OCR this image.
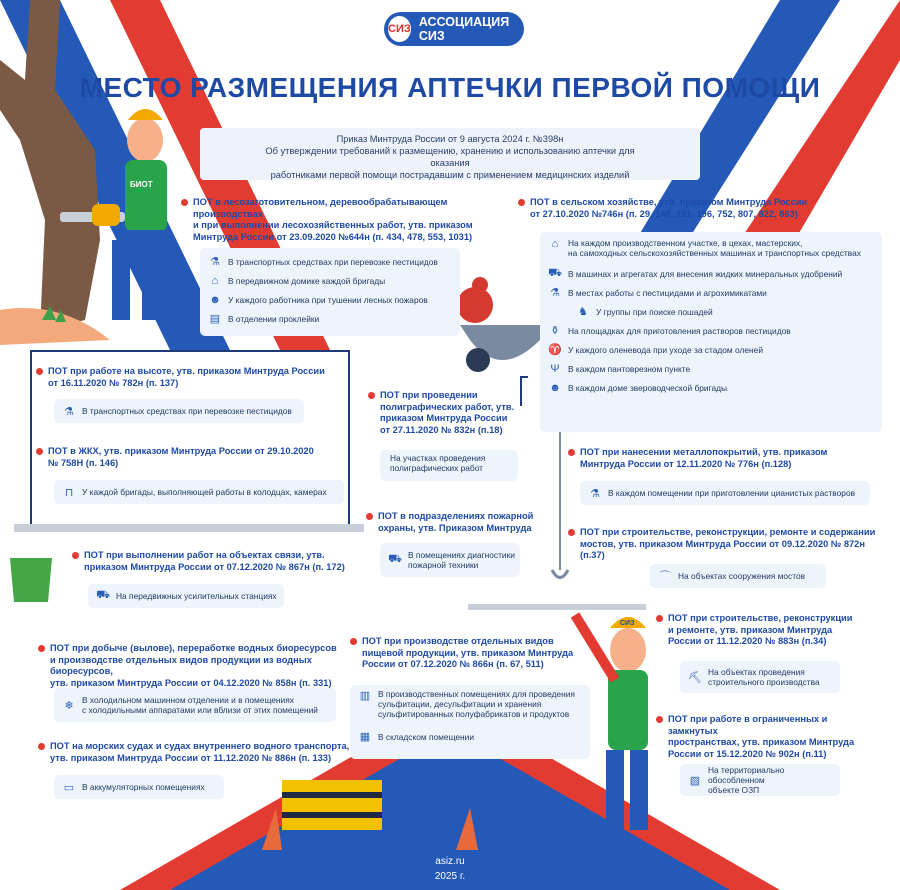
СИЗ АССОЦИАЦИЯ СИЗ
МЕСТО РАЗМЕЩЕНИЯ АПТЕЧКИ ПЕРВОЙ ПОМОЩИ
Приказ Минтруда России от 9 августа 2024 г. №398н
Об утверждении требований к размещению, хранению и использованию аптечки для оказания
работниками первой помощи пострадавшим с применением медицинских изделий
ПОТ в лесозаготовительном, деревообрабатывающем производствах
и при выполнении лесохозяйственных работ, утв. приказом
Минтруда России от 23.09.2020 №644н (п. 434, 478, 553, 1031)
⚗ В транспортных средствах при перевозке пестицидов
⌂	В передвижном домике каждой бригады
☻ У каждого работника при тушении лесных пожаров
▤ В отделении проклейки
ПОТ в сельском хозяйстве, утв. приказом Минтруда России
от 27.10.2020 №746н (п. 29, 148, 191, 196, 752, 807, 822, 863)
⌂	На каждом производственном участке, в цехах, мастерских,
на самоходных сельскохозяйственных машинах и транспортных средствах
⛟ В машинах и агрегатах для внесения жидких минеральных удобрений
⚗ В местах работы с пестицидами и агрохимикатами
♞ У группы при поиске пошадей
⚱ На площадках для приготовления растворов пестицидов
♈ У каждого оленевода при уходе за стадом оленей
Ψ В каждом пантоврезном пункте
☻ В каждом доме звероводческой бригады
ПОТ при работе на высоте, утв. приказом Минтруда России
от 16.11.2020 № 782н (п. 137)
⚗ В транспортных средствах при перевозке пестицидов
ПОТ при проведении
полиграфических работ, утв.
приказом Минтруда России
от 27.11.2020 № 832н (п.18)
На участках проведения
полиграфических работ
ПОТ в ЖКХ, утв. приказом Минтруда России от 29.10.2020
№ 758Н (п. 146)
⊓	У каждой бригады, выполняющей работы в колодцах, камерах
ПОТ при нанесении металлопокрытий, утв. приказом
Минтруда России от 12.11.2020 № 776н (п.128)
⚗ В каждом помещении при приготовлении цианистых растворов
ПОТ в подразделениях пожарной
охраны, утв. Приказом Минтруда
⛟ В помещениях диагностики
пожарной техники
ПОТ при строительстве, реконструкции, ремонте и содержании
мостов, утв. приказом Минтруда России от 09.12.2020 № 872н (п.37)
⌒ На объектах сооружения мостов
ПОТ при выполнении работ на объектах связи, утв.
приказом Минтруда России от 07.12.2020 № 867н (п. 172)
⛟ На передвижных усилительных станциях
ПОТ при строительстве, реконструкции
и ремонте, утв. приказом Минтруда
России от 11.12.2020 № 883н (п.34)
⛏ На объектах проведения
строительного производства
ПОТ при добыче (вылове), переработке водных биоресурсов
и производстве отдельных видов продукции из водных биоресурсов,
утв. приказом Минтруда России от 04.12.2020 № 858н (п. 331)
❄ В холодильном машинном отделении и в помещениях
с холодильными аппаратами или вблизи от этих помещений
ПОТ при производстве отдельных видов
пищевой продукции, утв. приказом Минтруда
России от 07.12.2020 № 866н (п. 67, 511)
▥ В производственных помещениях для проведения
сульфитации, десульфитации и хранения
сульфитированных полуфабрикатов и продуктов
▦ В складском помещении
ПОТ при работе в ограниченных и замкнутых
пространствах, утв. приказом Минтруда
России от 15.12.2020 № 902н (п.11)
▧
На территориально обособленном
объекте ОЗП
ПОТ на морских судах и судах внутреннего водного транспорта,
утв. приказом Минтруда России от 11.12.2020 № 886н (п. 133)
▭ В аккумуляторных помещениях
БИОТ
СИЗ
asiz.ru
2025 г.
